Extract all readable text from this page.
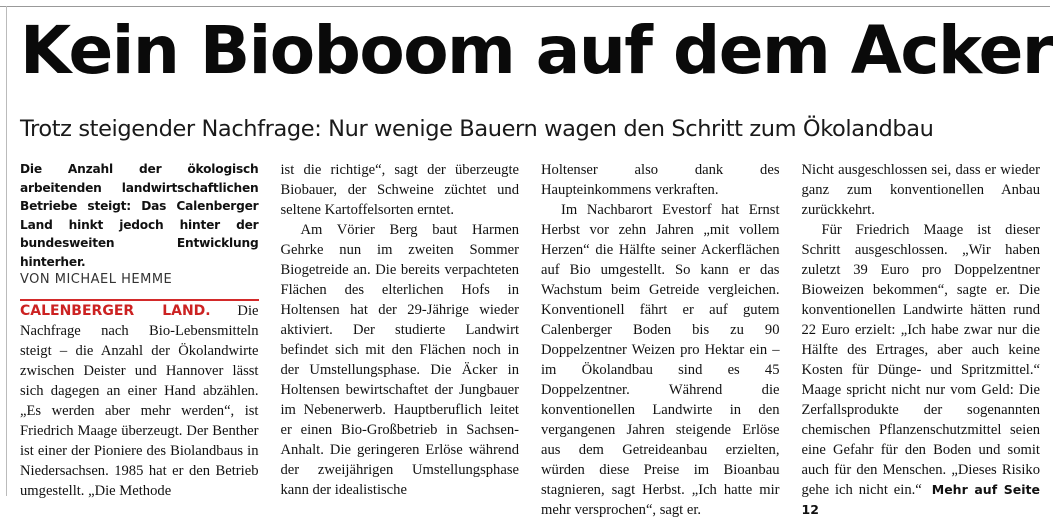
Kein Bioboom auf dem Acker
Trotz steigender Nachfrage: Nur wenige Bauern wagen den Schritt zum Ökolandbau

Die Anzahl der ökologisch arbeitenden landwirtschaftlichen Betriebe steigt: Das Calenberger Land hinkt jedoch hinter der bundesweiten Entwicklung hinterher.

VON MICHAEL HEMME

CALENBERGER LAND. Die Nachfrage nach Bio-Lebensmitteln steigt – die Anzahl der Ökolandwirte zwischen Deister und Hannover lässt sich dagegen an einer Hand abzählen. „Es werden aber mehr werden“, ist Friedrich Maage überzeugt. Der Benther ist einer der Pioniere des Biolandbaus in Niedersachsen. 1985 hat er den Betrieb umgestellt. „Die Methode

ist die richtige“, sagt der überzeugte Biobauer, der Schweine züchtet und seltene Kartoffelsorten erntet.

Am Vörier Berg baut Harmen Gehrke nun im zweiten Sommer Biogetreide an. Die bereits verpachteten Flächen des elterlichen Hofs in Holtensen hat der 29-Jährige wieder aktiviert. Der studierte Landwirt befindet sich mit den Flächen noch in der Umstellungsphase. Die Äcker in Holtensen bewirtschaftet der Jungbauer im Nebenerwerb. Hauptberuflich leitet er einen Bio-Großbetrieb in Sachsen-Anhalt. Die geringeren Erlöse während der zweijährigen Umstellungsphase kann der idealistische

Holtenser also dank des Haupteinkommens verkraften.

Im Nachbarort Evestorf hat Ernst Herbst vor zehn Jahren „mit vollem Herzen“ die Hälfte seiner Ackerflächen auf Bio umgestellt. So kann er das Wachstum beim Getreide vergleichen. Konventionell fährt er auf gutem Calenberger Boden bis zu 90 Doppelzentner Weizen pro Hektar ein – im Ökolandbau sind es 45 Doppelzentner. Während die konventionellen Landwirte in den vergangenen Jahren steigende Erlöse aus dem Getreideanbau erzielten, würden diese Preise im Bioanbau stagnieren, sagt Herbst. „Ich hatte mir mehr versprochen“, sagt er.

Nicht ausgeschlossen sei, dass er wieder ganz zum konventionellen Anbau zurückkehrt.

Für Friedrich Maage ist dieser Schritt ausgeschlossen. „Wir haben zuletzt 39 Euro pro Doppelzentner Bioweizen bekommen“, sagte er. Die konventionellen Landwirte hätten rund 22 Euro erzielt: „Ich habe zwar nur die Hälfte des Ertrages, aber auch keine Kosten für Dünge- und Spritzmittel.“ Maage spricht nicht nur vom Geld: Die Zerfallsprodukte der sogenannten chemischen Pflanzenschutzmittel seien eine Gefahr für den Boden und somit auch für den Menschen. „Dieses Risiko gehe ich nicht ein.“ Mehr auf Seite 12
